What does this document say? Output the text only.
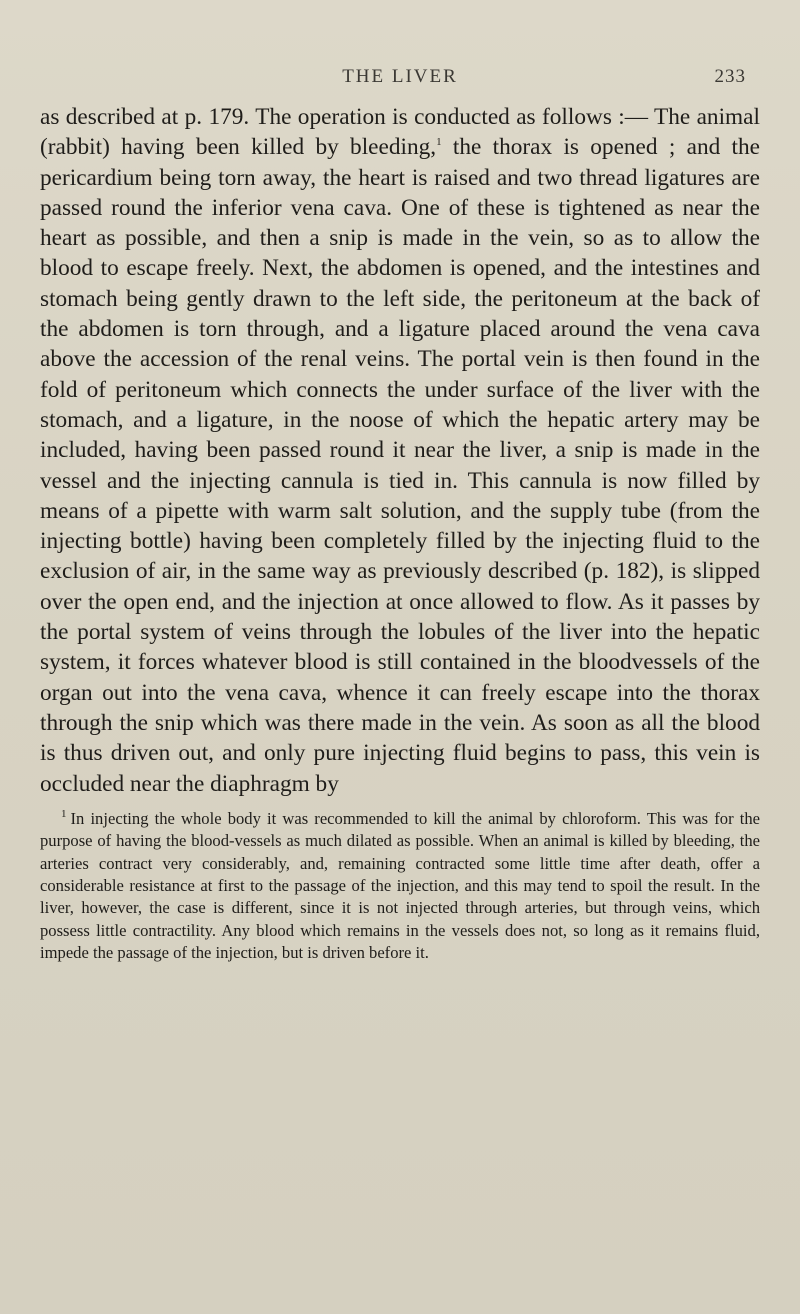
THE LIVER	233

as described at p. 179. The operation is conducted as follows :— The animal (rabbit) having been killed by bleeding,$^1$ the thorax is opened ; and the pericardium being torn away, the heart is raised and two thread ligatures are passed round the inferior vena cava. One of these is tightened as near the heart as possible, and then a snip is made in the vein, so as to allow the blood to escape freely. Next, the abdomen is opened, and the intestines and stomach being gently drawn to the left side, the peritoneum at the back of the abdomen is torn through, and a ligature placed around the vena cava above the accession of the renal veins. The portal vein is then found in the fold of peritoneum which connects the under surface of the liver with the stomach, and a ligature, in the noose of which the hepatic artery may be included, having been passed round it near the liver, a snip is made in the vessel and the injecting cannula is tied in. This cannula is now filled by means of a pipette with warm salt solution, and the supply tube (from the injecting bottle) having been completely filled by the injecting fluid to the exclusion of air, in the same way as previously described (p. 182), is slipped over the open end, and the injection at once allowed to flow. As it passes by the portal system of veins through the lobules of the liver into the hepatic system, it forces whatever blood is still contained in the bloodvessels of the organ out into the vena cava, whence it can freely escape into the thorax through the snip which was there made in the vein. As soon as all the blood is thus driven out, and only pure injecting fluid begins to pass, this vein is occluded near the diaphragm by

$^1$ In injecting the whole body it was recommended to kill the animal by chloroform. This was for the purpose of having the blood-vessels as much dilated as possible. When an animal is killed by bleeding, the arteries contract very considerably, and, remaining contracted some little time after death, offer a considerable resistance at first to the passage of the injection, and this may tend to spoil the result. In the liver, however, the case is different, since it is not injected through arteries, but through veins, which possess little contractility. Any blood which remains in the vessels does not, so long as it remains fluid, impede the passage of the injection, but is driven before it.
